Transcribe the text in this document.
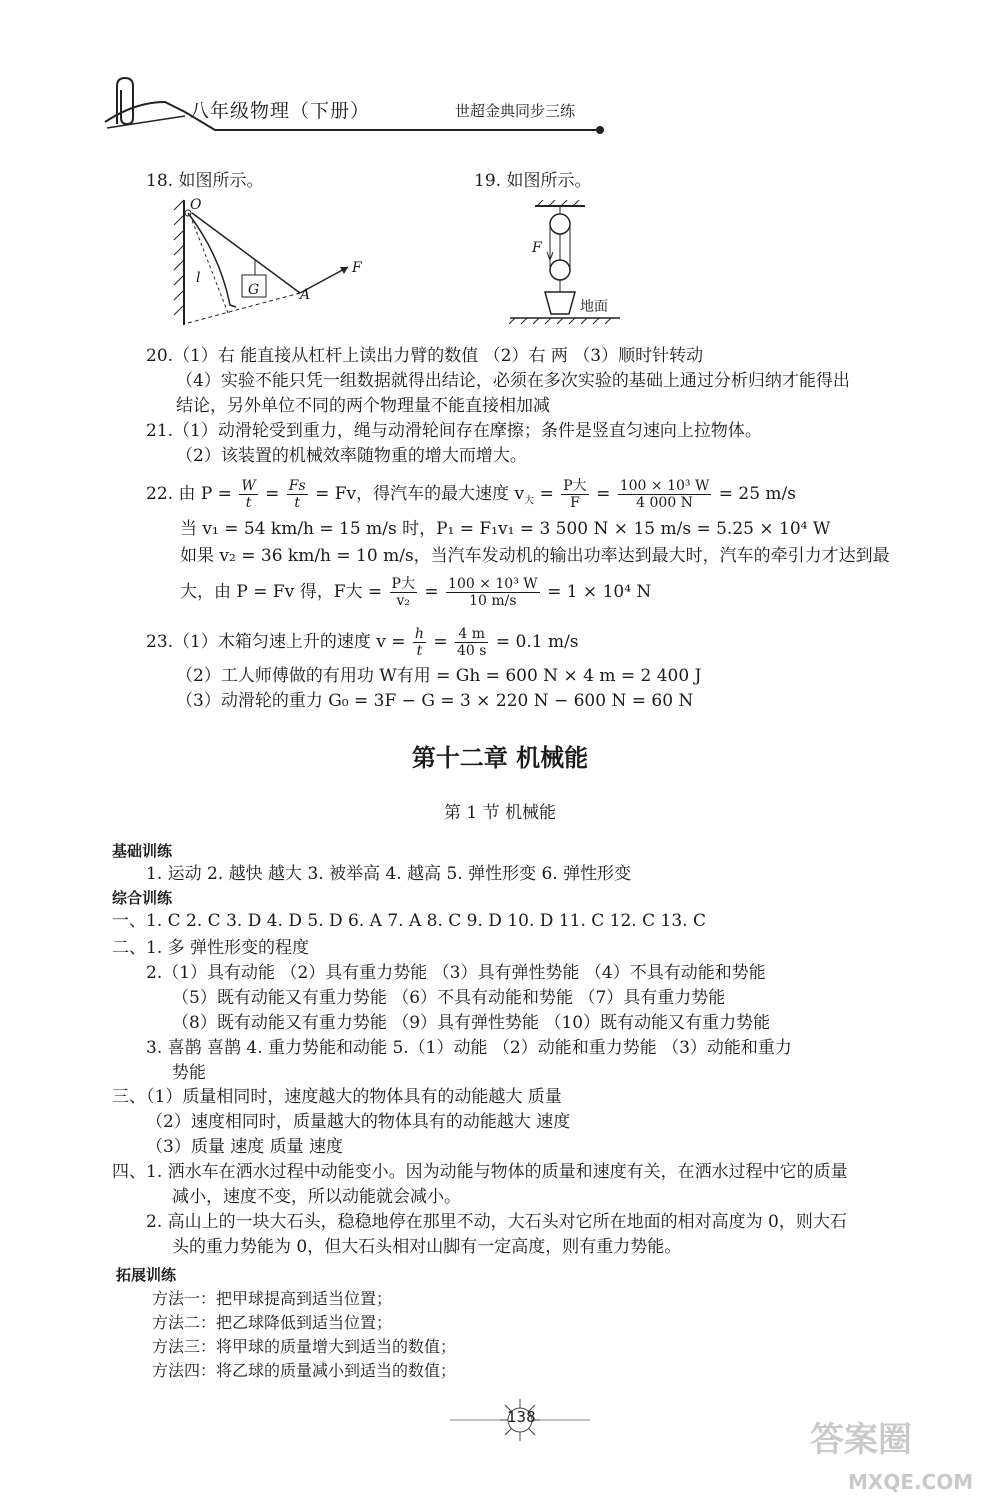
八年级物理（下册）	世超金典同步三练
18. 如图所示。
O
l
G	A
F
19. 如图所示。
F
地面
20.（1）右 能直接从杠杆上读出力臂的数值 （2）右 两 （3）顺时针转动
（4）实验不能只凭一组数据就得出结论，必须在多次实验的基础上通过分析归纳才能得出
结论，另外单位不同的两个物理量不能直接相加减
21.（1）动滑轮受到重力，绳与动滑轮间存在摩擦；条件是竖直匀速向上拉物体。
（2）该装置的机械效率随物重的增大而增大。
22. 由 $P = \frac{W}{t} = \frac{Fs}{t} = Fv$，得汽车的最大速度 $v_大 = \frac{\text{P大}}{F} = \frac{\text{100 × 10³ W}}{4 000 N} = 25$ m/s
当 v₁ = 54 km/h = 15 m/s 时，P₁ = F₁v₁ = 3 500 N × 15 m/s = 5.25 × 10⁴ W
如果 v₂ = 36 km/h = 10 m/s，当汽车发动机的输出功率达到最大时，汽车的牵引力才达到最
大，由 P = Fv 得，F大 = $\frac{\text{P大}}{\text{v₂}} = \frac{\text{100 × 10³ W}}{10 m/s} = 1 \times 10^4$ N
23.（1）木箱匀速上升的速度 $v = \frac{h}{t} = \frac{4 m}{40 s} = 0.1$ m/s
（2）工人师傅做的有用功 W有用 = Gh = 600 N × 4 m = 2 400 J
（3）动滑轮的重力 G₀ = 3F − G = 3 × 220 N − 600 N = 60 N
第十二章 机械能
第 1 节 机械能
基础训练
1. 运动 2. 越快 越大 3. 被举高 4. 越高 5. 弹性形变 6. 弹性形变
综合训练
一、1. C 2. C 3. D 4. D 5. D 6. A 7. A 8. C 9. D 10. D 11. C 12. C 13. C
二、1. 多 弹性形变的程度
2.（1）具有动能 （2）具有重力势能 （3）具有弹性势能 （4）不具有动能和势能
（5）既有动能又有重力势能 （6）不具有动能和势能 （7）具有重力势能
（8）既有动能又有重力势能 （9）具有弹性势能 （10）既有动能又有重力势能
3. 喜鹊 喜鹊 4. 重力势能和动能 5.（1）动能 （2）动能和重力势能 （3）动能和重力
势能
三、（1）质量相同时，速度越大的物体具有的动能越大 质量
（2）速度相同时，质量越大的物体具有的动能越大 速度
（3）质量 速度 质量 速度
四、1. 洒水车在洒水过程中动能变小。因为动能与物体的质量和速度有关，在洒水过程中它的质量
减小，速度不变，所以动能就会减小。
2. 高山上的一块大石头，稳稳地停在那里不动，大石头对它所在地面的相对高度为 0，则大石
头的重力势能为 0，但大石头相对山脚有一定高度，则有重力势能。
拓展训练
方法一：把甲球提高到适当位置；
方法二：把乙球降低到适当位置；
方法三：将甲球的质量增大到适当的数值；
方法四：将乙球的质量减小到适当的数值；
138
答案圈
MXQE.COM
